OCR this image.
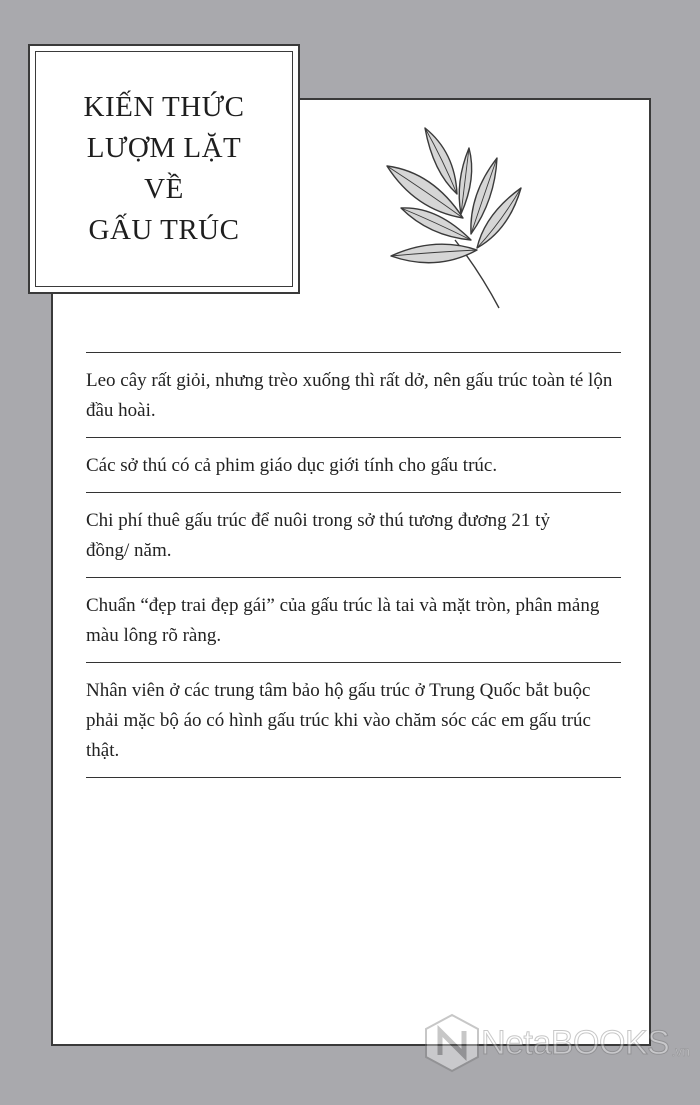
KIẾN THỨC
LƯỢM LẶT
VỀ
GẤU TRÚC
Leo cây rất giỏi, nhưng trèo xuống thì rất dở, nên gấu trúc toàn té lộn đầu hoài.
Các sở thú có cả phim giáo dục giới tính cho gấu trúc.
Chi phí thuê gấu trúc để nuôi trong sở thú tương đương 21 tỷ đồng/ năm.
Chuẩn “đẹp trai đẹp gái” của gấu trúc là tai và mặt tròn, phân mảng màu lông rõ ràng.
Nhân viên ở các trung tâm bảo hộ gấu trúc ở Trung Quốc bắt buộc phải mặc bộ áo có hình gấu trúc khi vào chăm sóc các em gấu trúc thật.
NetaBOOKS .vn
